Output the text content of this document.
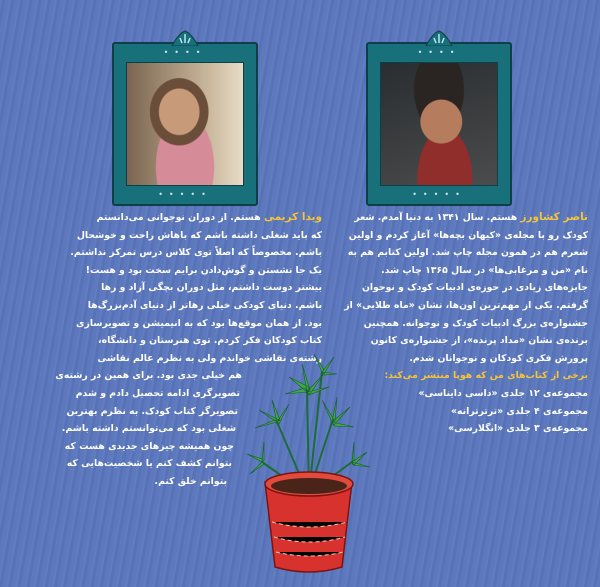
••••
•••••
••••
•••••
ناصر کشاورز هستم. سال ۱۳۴۱ به دنیا آمدم. شعر
کودک رو با مجله‌ی «کیهان بچه‌ها» آغاز کردم و اولین
شعرم هم در همون مجله چاپ شد. اولین کتابم هم به
نام «من و مرغابی‌ها» در سال ۱۳۶۵ چاپ شد.
جایزه‌های زیادی در حوزه‌ی ادبیات کودک و نوجوان
گرفتم. یکی از مهم‌ترین اون‌ها، نشان «ماه طلایی» از
جشنواره‌ی بزرگ ادبیات کودک و نوجوانه. همچنین
برنده‌ی نشان «مداد پرنده»، از جشنواره‌ی کانون
پرورش فکری کودکان و نوجوانان شدم.
برخی از کتاب‌های من که هوپا منتشر می‌کند:
مجموعه‌ی ۱۲ جلدی «داسی دایناسی»
مجموعه‌ی ۴ جلدی «ترترترانه»
مجموعه‌ی ۳ جلدی «انگلارسی»
ویدا کریمی هستم. از دوران نوجوانی می‌دانستم
که باید شغلی داشته باشم که باهاش راحت و خوشحال
باشم. مخصوصاً که اصلاً توی کلاس درس تمرکز نداشتم.
یک جا نشستن و گوش‌دادن برایم سخت بود و هست!
بیشتر دوست داشتم، مثل دوران بچگی آزاد و رها
باشم. دنیای کودکی خیلی رهاتر از دنیای آدم‌بزرگ‌ها
بود. از همان موقع‌ها بود که به انیمیشن و تصویرسازی
کتاب کودکان فکر کردم. توی هنرستان و دانشگاه،
رشته‌ی نقاشی خواندم ولی به نظرم عالم نقاشی
هم خیلی جدی بود. برای همین در رشته‌ی
تصویرگری ادامه تحصیل دادم و شدم
تصویرگر کتاب کودک. به نظرم بهترین
شغلی بود که می‌توانستم داشته باشم.
چون همیشه چیزهای جدیدی هست که
بتوانم کشف کنم یا شخصیت‌هایی که
بتوانم خلق کنم.
